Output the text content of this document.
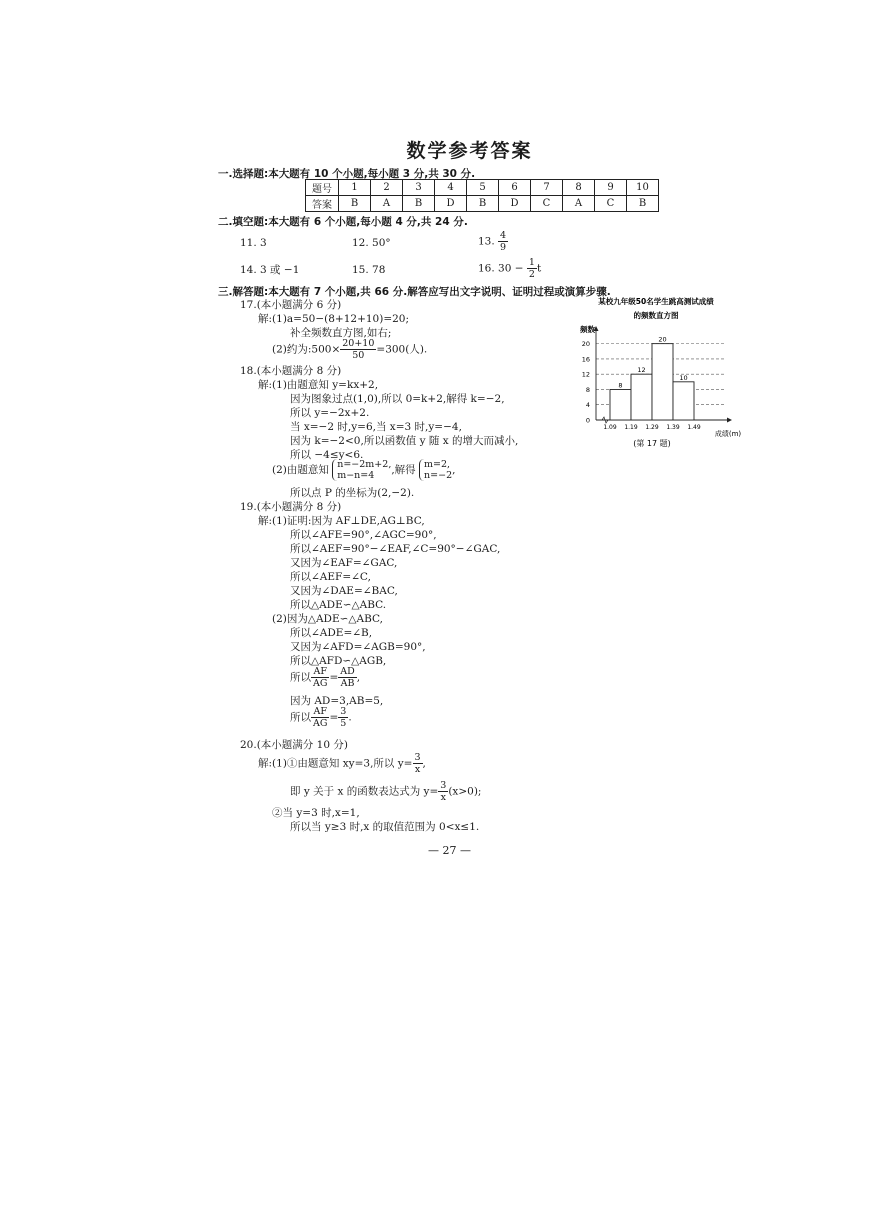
数学参考答案
一.选择题:本大题有 10 个小题,每小题 3 分,共 30 分.
题号	1	2	3	4	5	6	7	8	9	10
答案	B	A	B	D	B	D	C	A	C	B
二.填空题:本大题有 6 个小题,每小题 4 分,共 24 分.
11. 3	12. 50°	13. $\frac{4}{9}$
14. 3 或 −1	15. 78	16. $30 - \frac{1}{2}$ t
三.解答题:本大题有 7 个小题,共 66 分.解答应写出文字说明、证明过程或演算步骤.
17.(本小题满分 6 分)
解:(1)a=50−(8+12+10)=20;
补全频数直方图,如右;
(2)约为:500× $\frac{20+10}{50} =300$(人).
18.(本小题满分 8 分)
解:(1)由题意知 y=kx+2,
因为图象过点(1,0),所以 0=k+2,解得 k=−2,
所以 y=−2x+2.
当 x=−2 时,y=6,当 x=3 时,y=−4,
因为 k=−2<0,所以函数值 y 随 x 的增大而减小,
所以 −4≤y<6.
(2)由题意知 n=−2m+2,
m−n=4	,解得 m=2,
n=−2 ,
所以点 P 的坐标为(2,−2).
19.(本小题满分 8 分)
解:(1)证明:因为 AF⊥DE,AG⊥BC,
所以∠AFE=90°,∠AGC=90°,
所以∠AEF=90°−∠EAF,∠C=90°−∠GAC,
又因为∠EAF=∠GAC,
所以∠AEF=∠C,
又因为∠DAE=∠BAC,
所以△ADE∽△ABC.
(2)因为△ADE∽△ABC,
所以∠ADE=∠B,
又因为∠AFD=∠AGB=90°,
所以△AFD∽△AGB,
所以 $\frac{AF}{AG} = \frac{AD}{AB}$ ,
因为 AD=3,AB=5,
所以 $\frac{AF}{AG} = \frac{3}{5}$ .
20.(本小题满分 10 分)
解:(1)①由题意知 xy=3,所以 $y= \frac{3}{x}$ ,
即 y 关于 x 的函数表达式为 $y= \frac{3}{x} (x>0)$;
②当 y=3 时,x=1,
所以当 y≥3 时,x 的取值范围为 0<x≤1.
某校九年级50名学生跳高测试成绩
的频数直方图
频数
0
4
8
12
16
20
8
12
20
10
1.09 1.19 1.29 1.39 1.49
成绩(m)
(第 17 题)
— 27 —
